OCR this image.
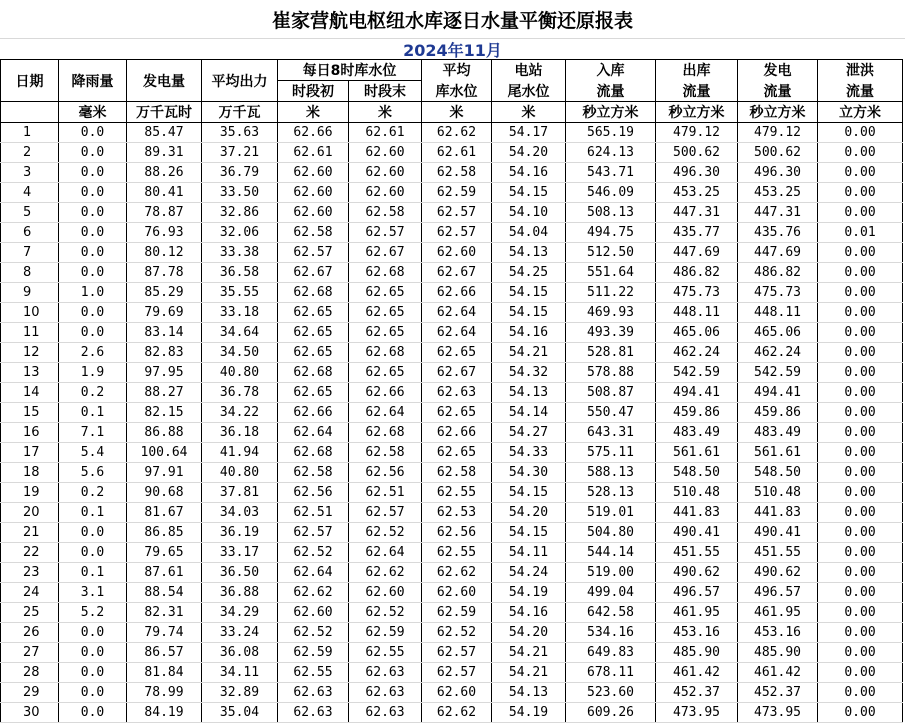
崔家营航电枢纽水库逐日水量平衡还原报表
2024年11月
日期	降雨量	发电量	平均出力	每日8时库水位		平均	电站	入库	出库	发电	泄洪
				时段初	时段末	库水位	尾水位	流量	流量	流量	流量
	毫米	万千瓦时	万千瓦	米	米	米	米	秒立方米	秒立方米	秒立方米	立方米
1	0.0	85.47	35.63	62.66	62.61	62.62	54.17	565.19	479.12	479.12	0.00
2	0.0	89.31	37.21	62.61	62.60	62.61	54.20	624.13	500.62	500.62	0.00
3	0.0	88.26	36.79	62.60	62.60	62.58	54.16	543.71	496.30	496.30	0.00
4	0.0	80.41	33.50	62.60	62.60	62.59	54.15	546.09	453.25	453.25	0.00
5	0.0	78.87	32.86	62.60	62.58	62.57	54.10	508.13	447.31	447.31	0.00
6	0.0	76.93	32.06	62.58	62.57	62.57	54.04	494.75	435.77	435.76	0.01
7	0.0	80.12	33.38	62.57	62.67	62.60	54.13	512.50	447.69	447.69	0.00
8	0.0	87.78	36.58	62.67	62.68	62.67	54.25	551.64	486.82	486.82	0.00
9	1.0	85.29	35.55	62.68	62.65	62.66	54.15	511.22	475.73	475.73	0.00
10	0.0	79.69	33.18	62.65	62.65	62.64	54.15	469.93	448.11	448.11	0.00
11	0.0	83.14	34.64	62.65	62.65	62.64	54.16	493.39	465.06	465.06	0.00
12	2.6	82.83	34.50	62.65	62.68	62.65	54.21	528.81	462.24	462.24	0.00
13	1.9	97.95	40.80	62.68	62.65	62.67	54.32	578.88	542.59	542.59	0.00
14	0.2	88.27	36.78	62.65	62.66	62.63	54.13	508.87	494.41	494.41	0.00
15	0.1	82.15	34.22	62.66	62.64	62.65	54.14	550.47	459.86	459.86	0.00
16	7.1	86.88	36.18	62.64	62.68	62.66	54.27	643.31	483.49	483.49	0.00
17	5.4	100.64	41.94	62.68	62.58	62.65	54.33	575.11	561.61	561.61	0.00
18	5.6	97.91	40.80	62.58	62.56	62.58	54.30	588.13	548.50	548.50	0.00
19	0.2	90.68	37.81	62.56	62.51	62.55	54.15	528.13	510.48	510.48	0.00
20	0.1	81.67	34.03	62.51	62.57	62.53	54.20	519.01	441.83	441.83	0.00
21	0.0	86.85	36.19	62.57	62.52	62.56	54.15	504.80	490.41	490.41	0.00
22	0.0	79.65	33.17	62.52	62.64	62.55	54.11	544.14	451.55	451.55	0.00
23	0.1	87.61	36.50	62.64	62.62	62.62	54.24	519.00	490.62	490.62	0.00
24	3.1	88.54	36.88	62.62	62.60	62.60	54.19	499.04	496.57	496.57	0.00
25	5.2	82.31	34.29	62.60	62.52	62.59	54.16	642.58	461.95	461.95	0.00
26	0.0	79.74	33.24	62.52	62.59	62.52	54.20	534.16	453.16	453.16	0.00
27	0.0	86.57	36.08	62.59	62.55	62.57	54.21	649.83	485.90	485.90	0.00
28	0.0	81.84	34.11	62.55	62.63	62.57	54.21	678.11	461.42	461.42	0.00
29	0.0	78.99	32.89	62.63	62.63	62.60	54.13	523.60	452.37	452.37	0.00
30	0.0	84.19	35.04	62.63	62.63	62.62	54.19	609.26	473.95	473.95	0.00
